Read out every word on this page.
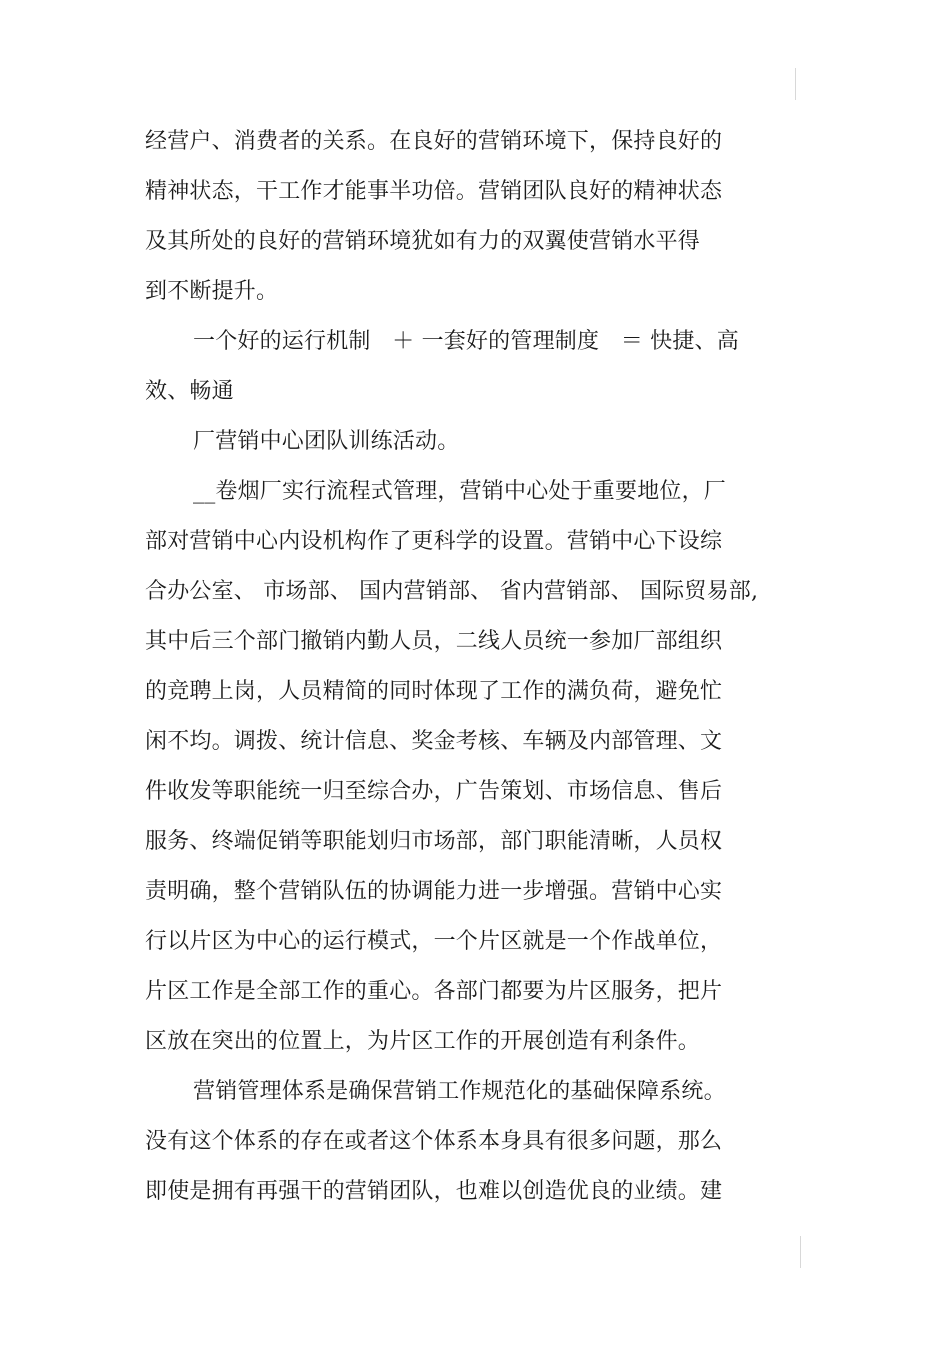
经营户、消费者的关系。在良好的营销环境下，保持良好的

精神状态，干工作才能事半功倍。营销团队良好的精神状态

及其所处的良好的营销环境犹如有力的双翼使营销水平得

到不断提升。

一个好的运行机制   ＋ 一套好的管理制度   ＝ 快捷、高

效、畅通

厂营销中心团队训练活动。

__卷烟厂实行流程式管理，营销中心处于重要地位，厂

部对营销中心内设机构作了更科学的设置。营销中心下设综

合办公室、 市场部、 国内营销部、 省内营销部、 国际贸易部,

其中后三个部门撤销内勤人员，二线人员统一参加厂部组织

的竞聘上岗，人员精简的同时体现了工作的满负荷，避免忙

闲不均。调拨、统计信息、奖金考核、车辆及内部管理、文

件收发等职能统一归至综合办，广告策划、市场信息、售后

服务、终端促销等职能划归市场部，部门职能清晰，人员权

责明确，整个营销队伍的协调能力进一步增强。营销中心实

行以片区为中心的运行模式，一个片区就是一个作战单位，

片区工作是全部工作的重心。各部门都要为片区服务，把片

区放在突出的位置上，为片区工作的开展创造有利条件。

营销管理体系是确保营销工作规范化的基础保障系统。

没有这个体系的存在或者这个体系本身具有很多问题，那么

即使是拥有再强干的营销团队，也难以创造优良的业绩。建
